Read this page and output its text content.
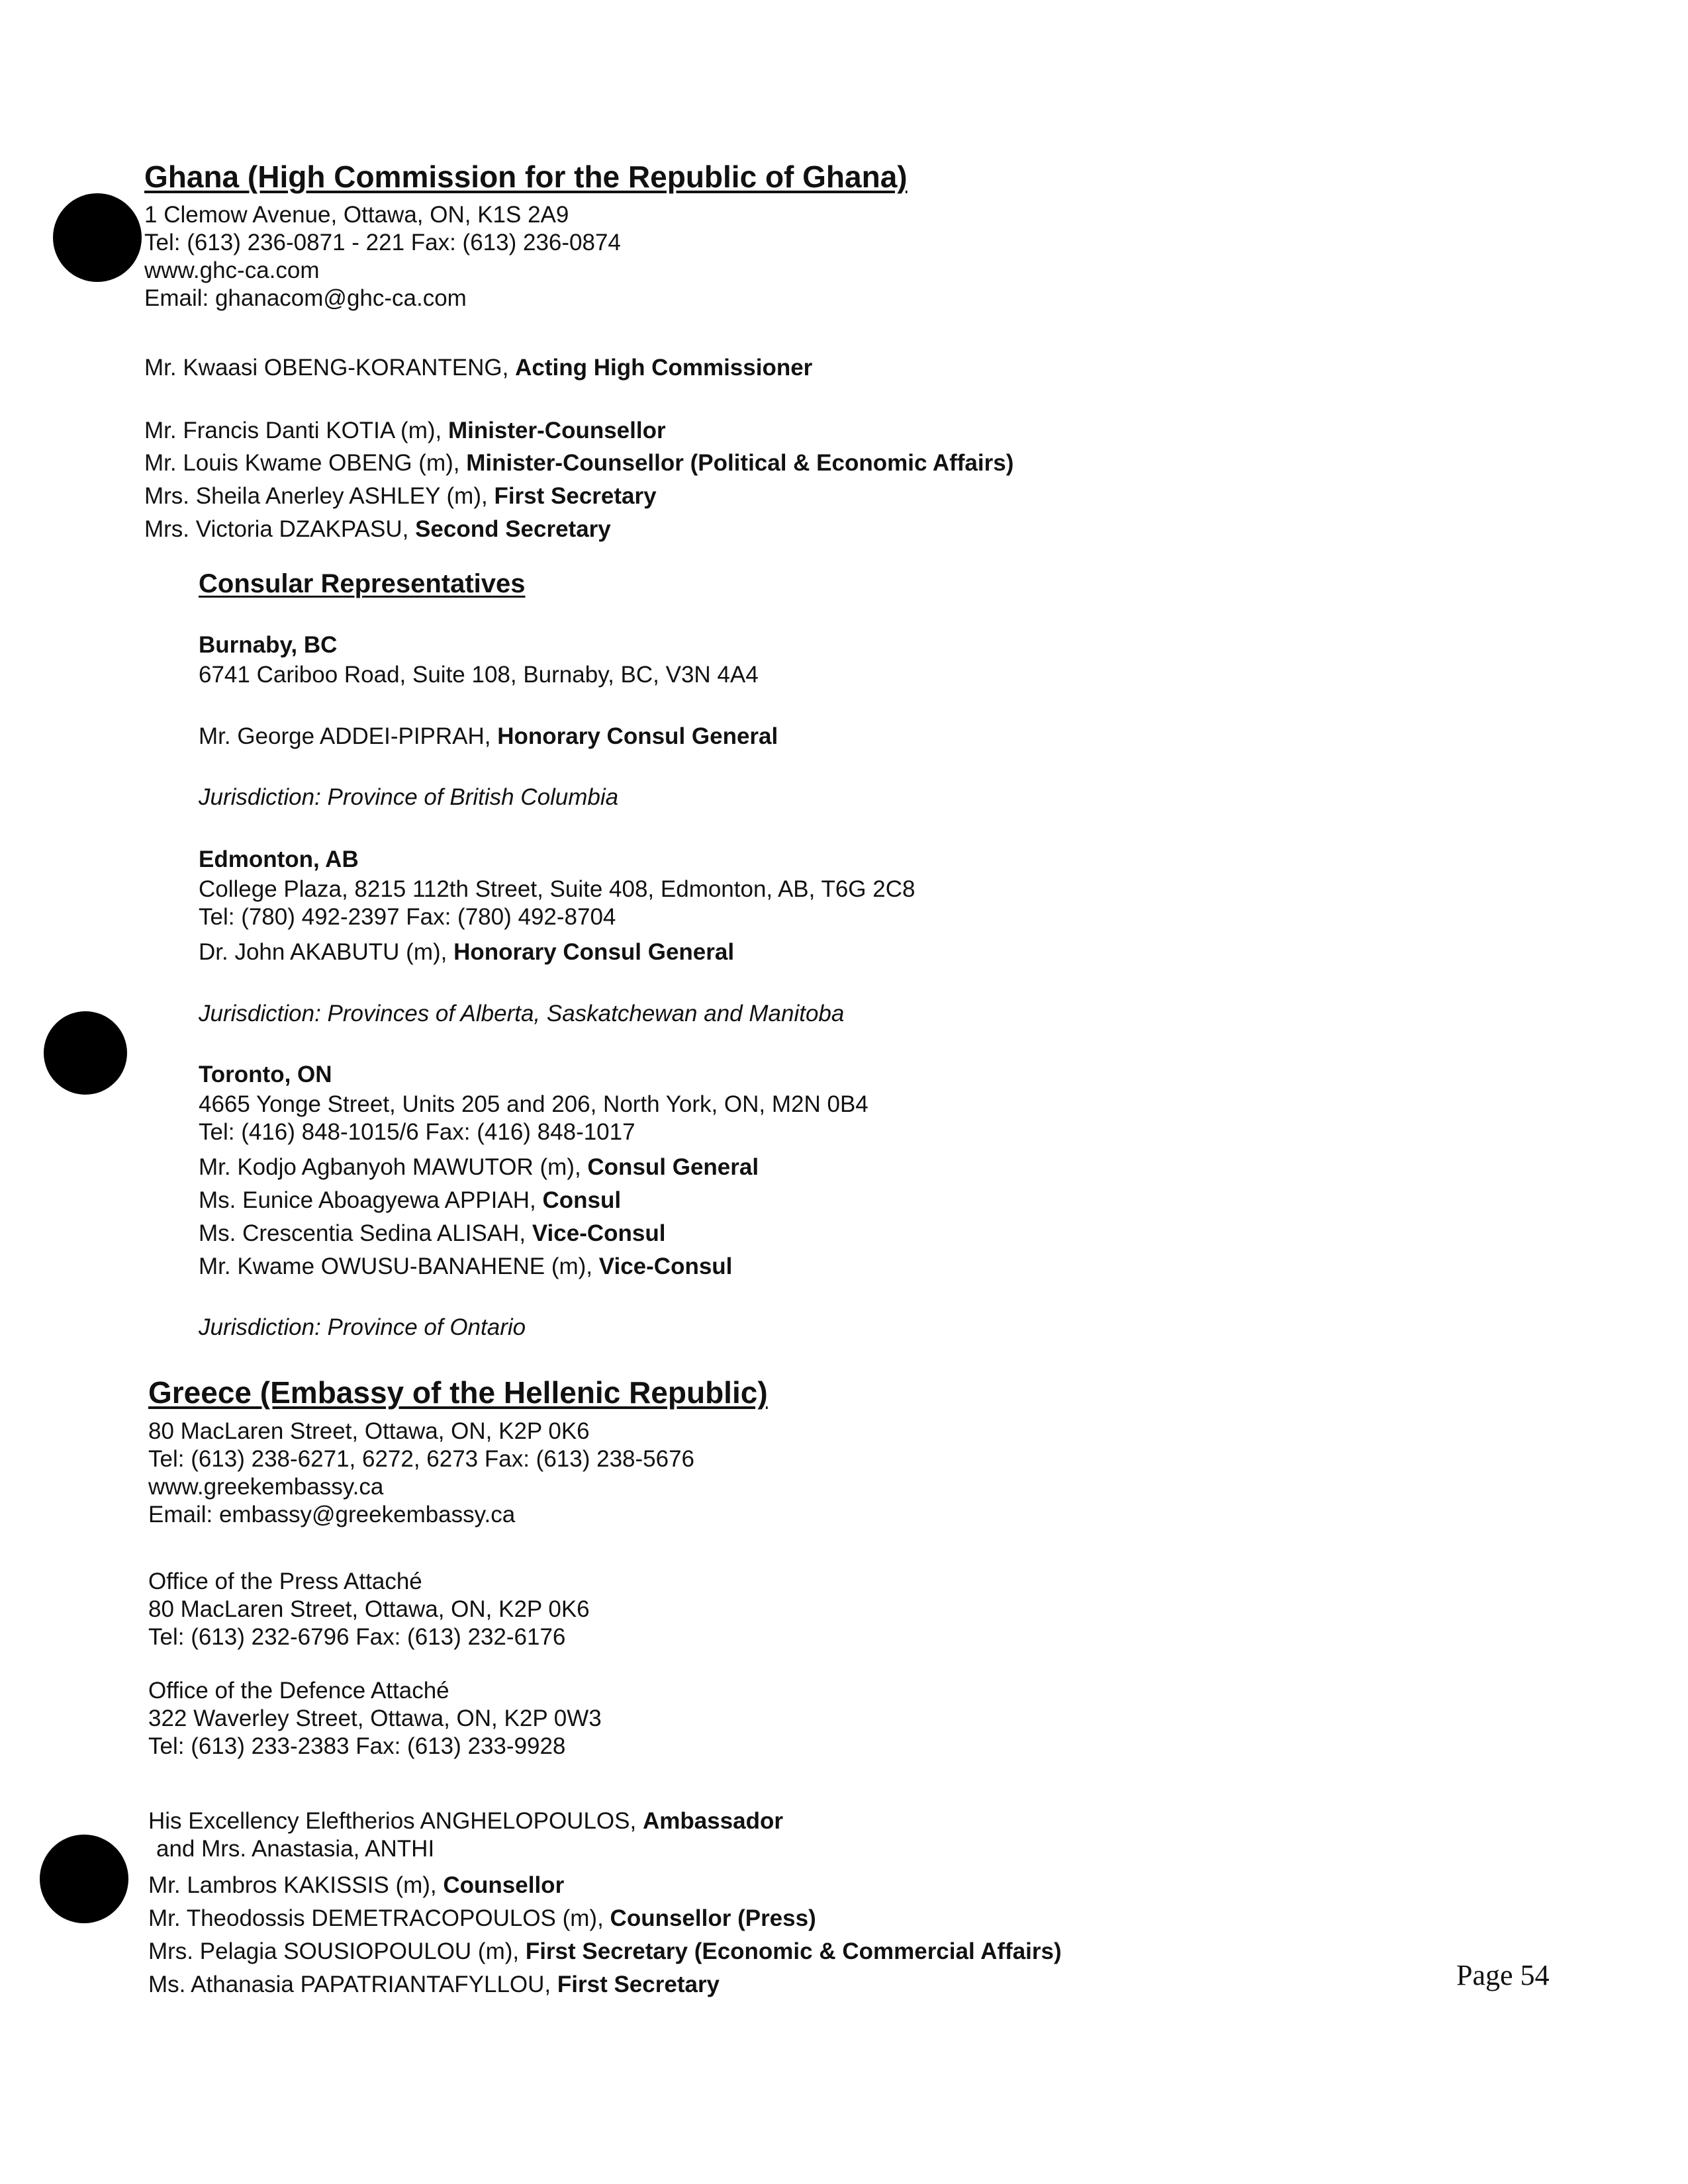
Ghana (High Commission for the Republic of Ghana)
1 Clemow Avenue, Ottawa, ON, K1S 2A9
Tel: (613) 236-0871 - 221 Fax: (613) 236-0874
www.ghc-ca.com
Email: ghanacom@ghc-ca.com
Mr. Kwaasi OBENG-KORANTENG, Acting High Commissioner
Mr. Francis Danti KOTIA (m), Minister-Counsellor
Mr. Louis Kwame OBENG (m), Minister-Counsellor (Political & Economic Affairs)
Mrs. Sheila Anerley ASHLEY (m), First Secretary
Mrs. Victoria DZAKPASU, Second Secretary
Consular Representatives
Burnaby, BC
6741 Cariboo Road, Suite 108, Burnaby, BC, V3N 4A4
Mr. George ADDEI-PIPRAH, Honorary Consul General
Jurisdiction: Province of British Columbia
Edmonton, AB
College Plaza, 8215 112th Street, Suite 408, Edmonton, AB, T6G 2C8
Tel: (780) 492-2397 Fax: (780) 492-8704
Dr. John AKABUTU (m), Honorary Consul General
Jurisdiction: Provinces of Alberta, Saskatchewan and Manitoba
Toronto, ON
4665 Yonge Street, Units 205 and 206, North York, ON, M2N 0B4
Tel: (416) 848-1015/6 Fax: (416) 848-1017
Mr. Kodjo Agbanyoh MAWUTOR (m), Consul General
Ms. Eunice Aboagyewa APPIAH, Consul
Ms. Crescentia Sedina ALISAH, Vice-Consul
Mr. Kwame OWUSU-BANAHENE (m), Vice-Consul
Jurisdiction: Province of Ontario
Greece (Embassy of the Hellenic Republic)
80 MacLaren Street, Ottawa, ON, K2P 0K6
Tel: (613) 238-6271, 6272, 6273 Fax: (613) 238-5676
www.greekembassy.ca
Email: embassy@greekembassy.ca
Office of the Press Attaché
80 MacLaren Street, Ottawa, ON, K2P 0K6
Tel: (613) 232-6796 Fax: (613) 232-6176
Office of the Defence Attaché
322 Waverley Street, Ottawa, ON, K2P 0W3
Tel: (613) 233-2383 Fax: (613) 233-9928
His Excellency Eleftherios ANGHELOPOULOS, Ambassador
and Mrs. Anastasia, ANTHI
Mr. Lambros KAKISSIS (m), Counsellor
Mr. Theodossis DEMETRACOPOULOS (m), Counsellor (Press)
Mrs. Pelagia SOUSIOPOULOU (m), First Secretary (Economic & Commercial Affairs)
Ms. Athanasia PAPATRIANTAFYLLOU, First Secretary	Page 54
